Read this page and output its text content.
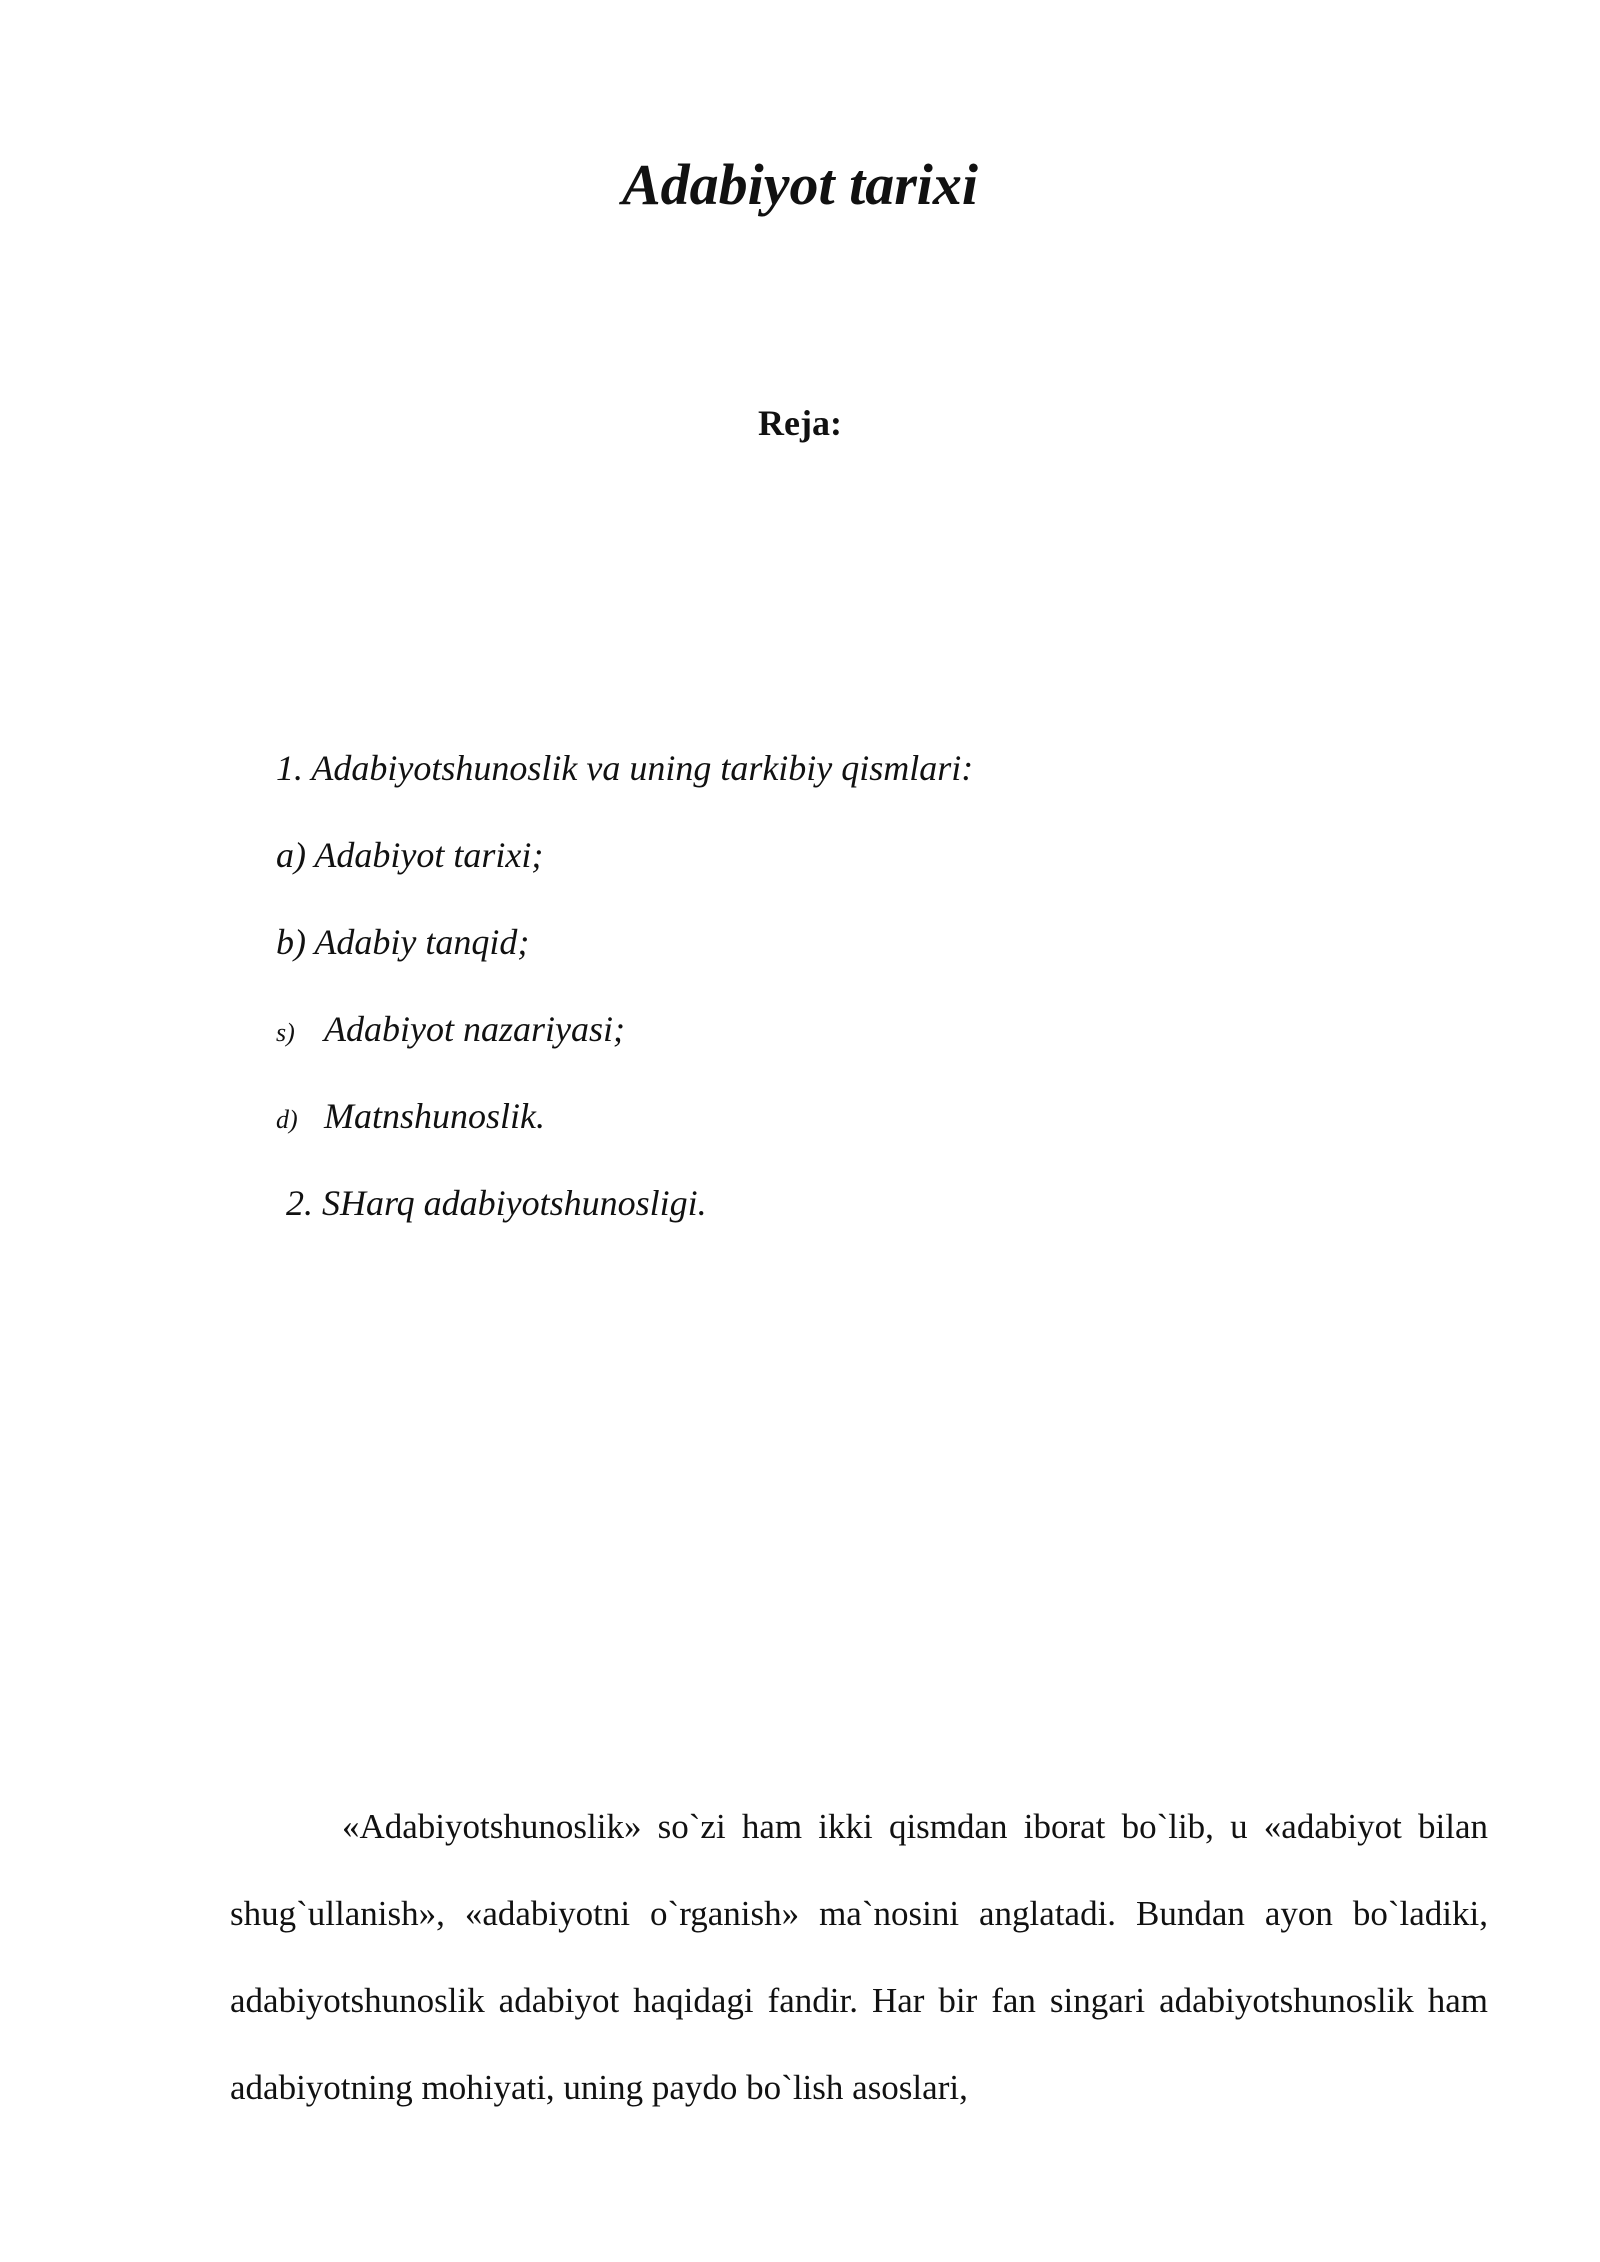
Adabiyot tarixi
Reja:
1. Adabiyotshunoslik va uning tarkibiy qismlari:
a) Adabiyot tarixi;
b) Adabiy tanqid;
s) Adabiyot nazariyasi;
d) Matnshunoslik.
2. SHarq adabiyotshunosligi.

«Adabiyotshunoslik» so`zi ham ikki qismdan iborat bo`lib, u «adabiyot bilan shug`ullanish», «adabiyotni o`rganish» ma`nosini anglatadi. Bundan ayon bo`ladiki, adabiyotshunoslik adabiyot haqidagi fandir. Har bir fan singari adabiyotshunoslik ham adabiyotning mohiyati, uning paydo bo`lish asoslari,
